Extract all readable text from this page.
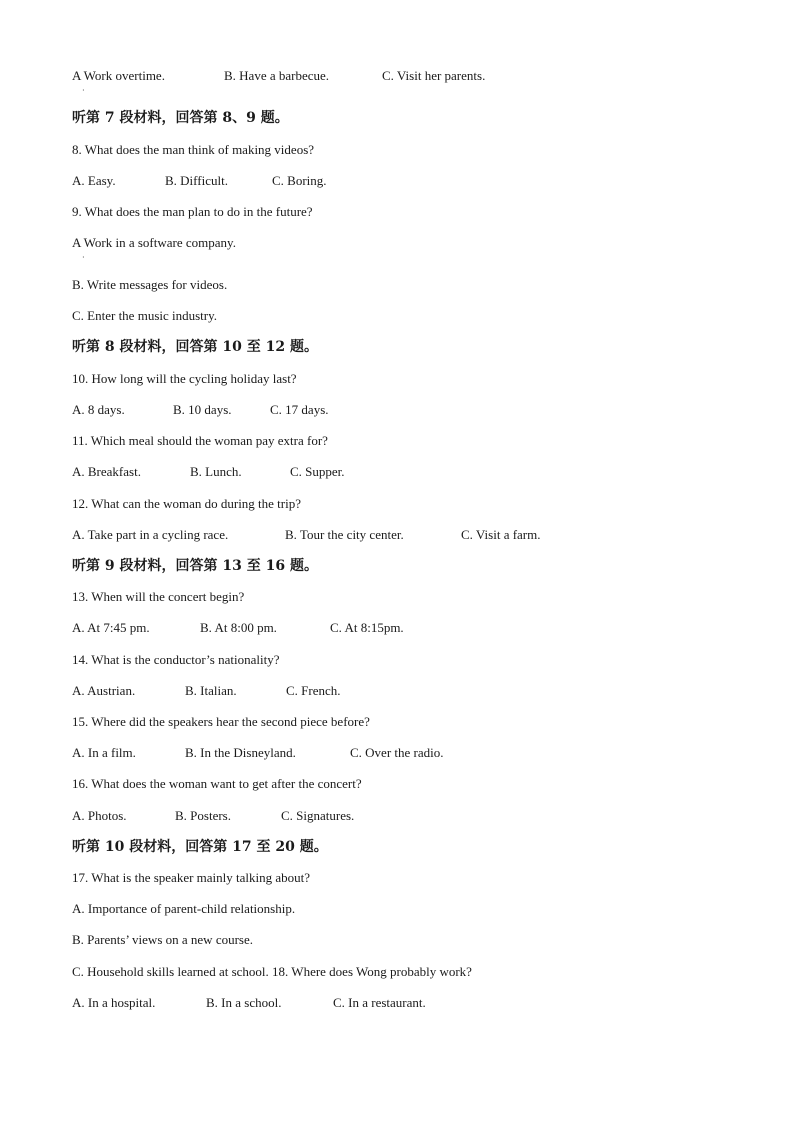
A Work overtime.	B. Have a barbecue.	C. Visit her parents.
·
听第 7 段材料，回答第 8、9 题。
8. What does the man think of making videos?
A. Easy.	B. Difficult.	C. Boring.
9. What does the man plan to do in the future?
A Work in a software company.
·
B. Write messages for videos.
C. Enter the music industry.
听第 8 段材料，回答第 10 至 12 题。
10. How long will the cycling holiday last?
A. 8 days.	B. 10 days.	C. 17 days.
11. Which meal should the woman pay extra for?
A. Breakfast.	B. Lunch.	C. Supper.
12. What can the woman do during the trip?
A. Take part in a cycling race.	B. Tour the city center.	C. Visit a farm.
听第 9 段材料，回答第 13 至 16 题。
13. When will the concert begin?
A. At 7:45 pm.	B. At 8:00 pm.	C. At 8:15pm.
14. What is the conductor’s nationality?
A. Austrian.	B. Italian.	C. French.
15. Where did the speakers hear the second piece before?
A. In a film.	B. In the Disneyland.	C. Over the radio.
16. What does the woman want to get after the concert?
A. Photos.	B. Posters.	C. Signatures.
听第 10 段材料，回答第 17 至 20 题。
17. What is the speaker mainly talking about?
A. Importance of parent-child relationship.
B. Parents’ views on a new course.
C. Household skills learned at school. 18. Where does Wong probably work?
A. In a hospital.	B. In a school.	C. In a restaurant.
